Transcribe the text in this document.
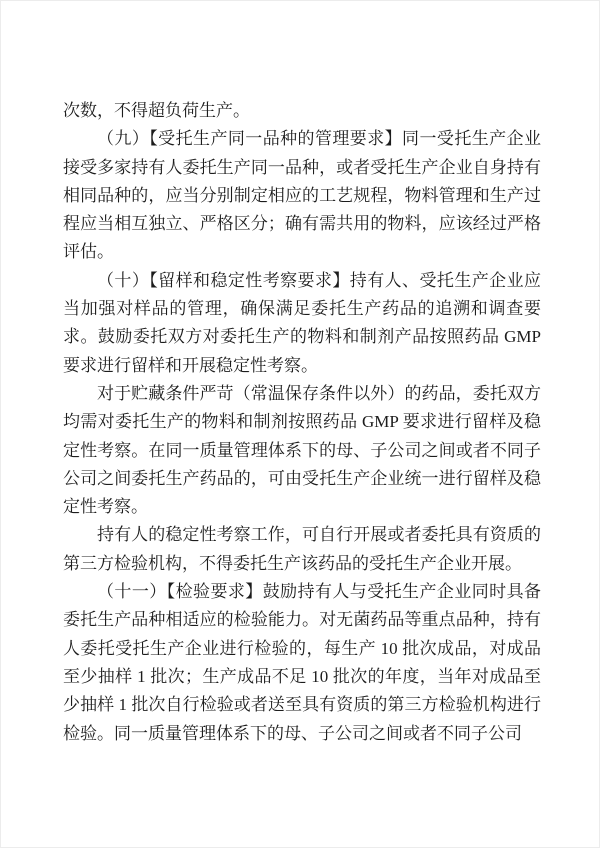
次数，不得超负荷生产。

（九）【受托生产同一品种的管理要求】同一受托生产企业接受多家持有人委托生产同一品种，或者受托生产企业自身持有相同品种的，应当分别制定相应的工艺规程，物料管理和生产过程应当相互独立、严格区分；确有需共用的物料，应该经过严格评估。

（十）【留样和稳定性考察要求】持有人、受托生产企业应当加强对样品的管理，确保满足委托生产药品的追溯和调查要求。鼓励委托双方对委托生产的物料和制剂产品按照药品 GMP 要求进行留样和开展稳定性考察。

对于贮藏条件严苛（常温保存条件以外）的药品，委托双方均需对委托生产的物料和制剂按照药品 GMP 要求进行留样及稳定性考察。在同一质量管理体系下的母、子公司之间或者不同子公司之间委托生产药品的，可由受托生产企业统一进行留样及稳定性考察。

持有人的稳定性考察工作，可自行开展或者委托具有资质的第三方检验机构，不得委托生产该药品的受托生产企业开展。

（十一）【检验要求】鼓励持有人与受托生产企业同时具备委托生产品种相适应的检验能力。对无菌药品等重点品种，持有人委托受托生产企业进行检验的，每生产 10 批次成品，对成品至少抽样 1 批次；生产成品不足 10 批次的年度，当年对成品至少抽样 1 批次自行检验或者送至具有资质的第三方检验机构进行检验。同一质量管理体系下的母、子公司之间或者不同子公司
